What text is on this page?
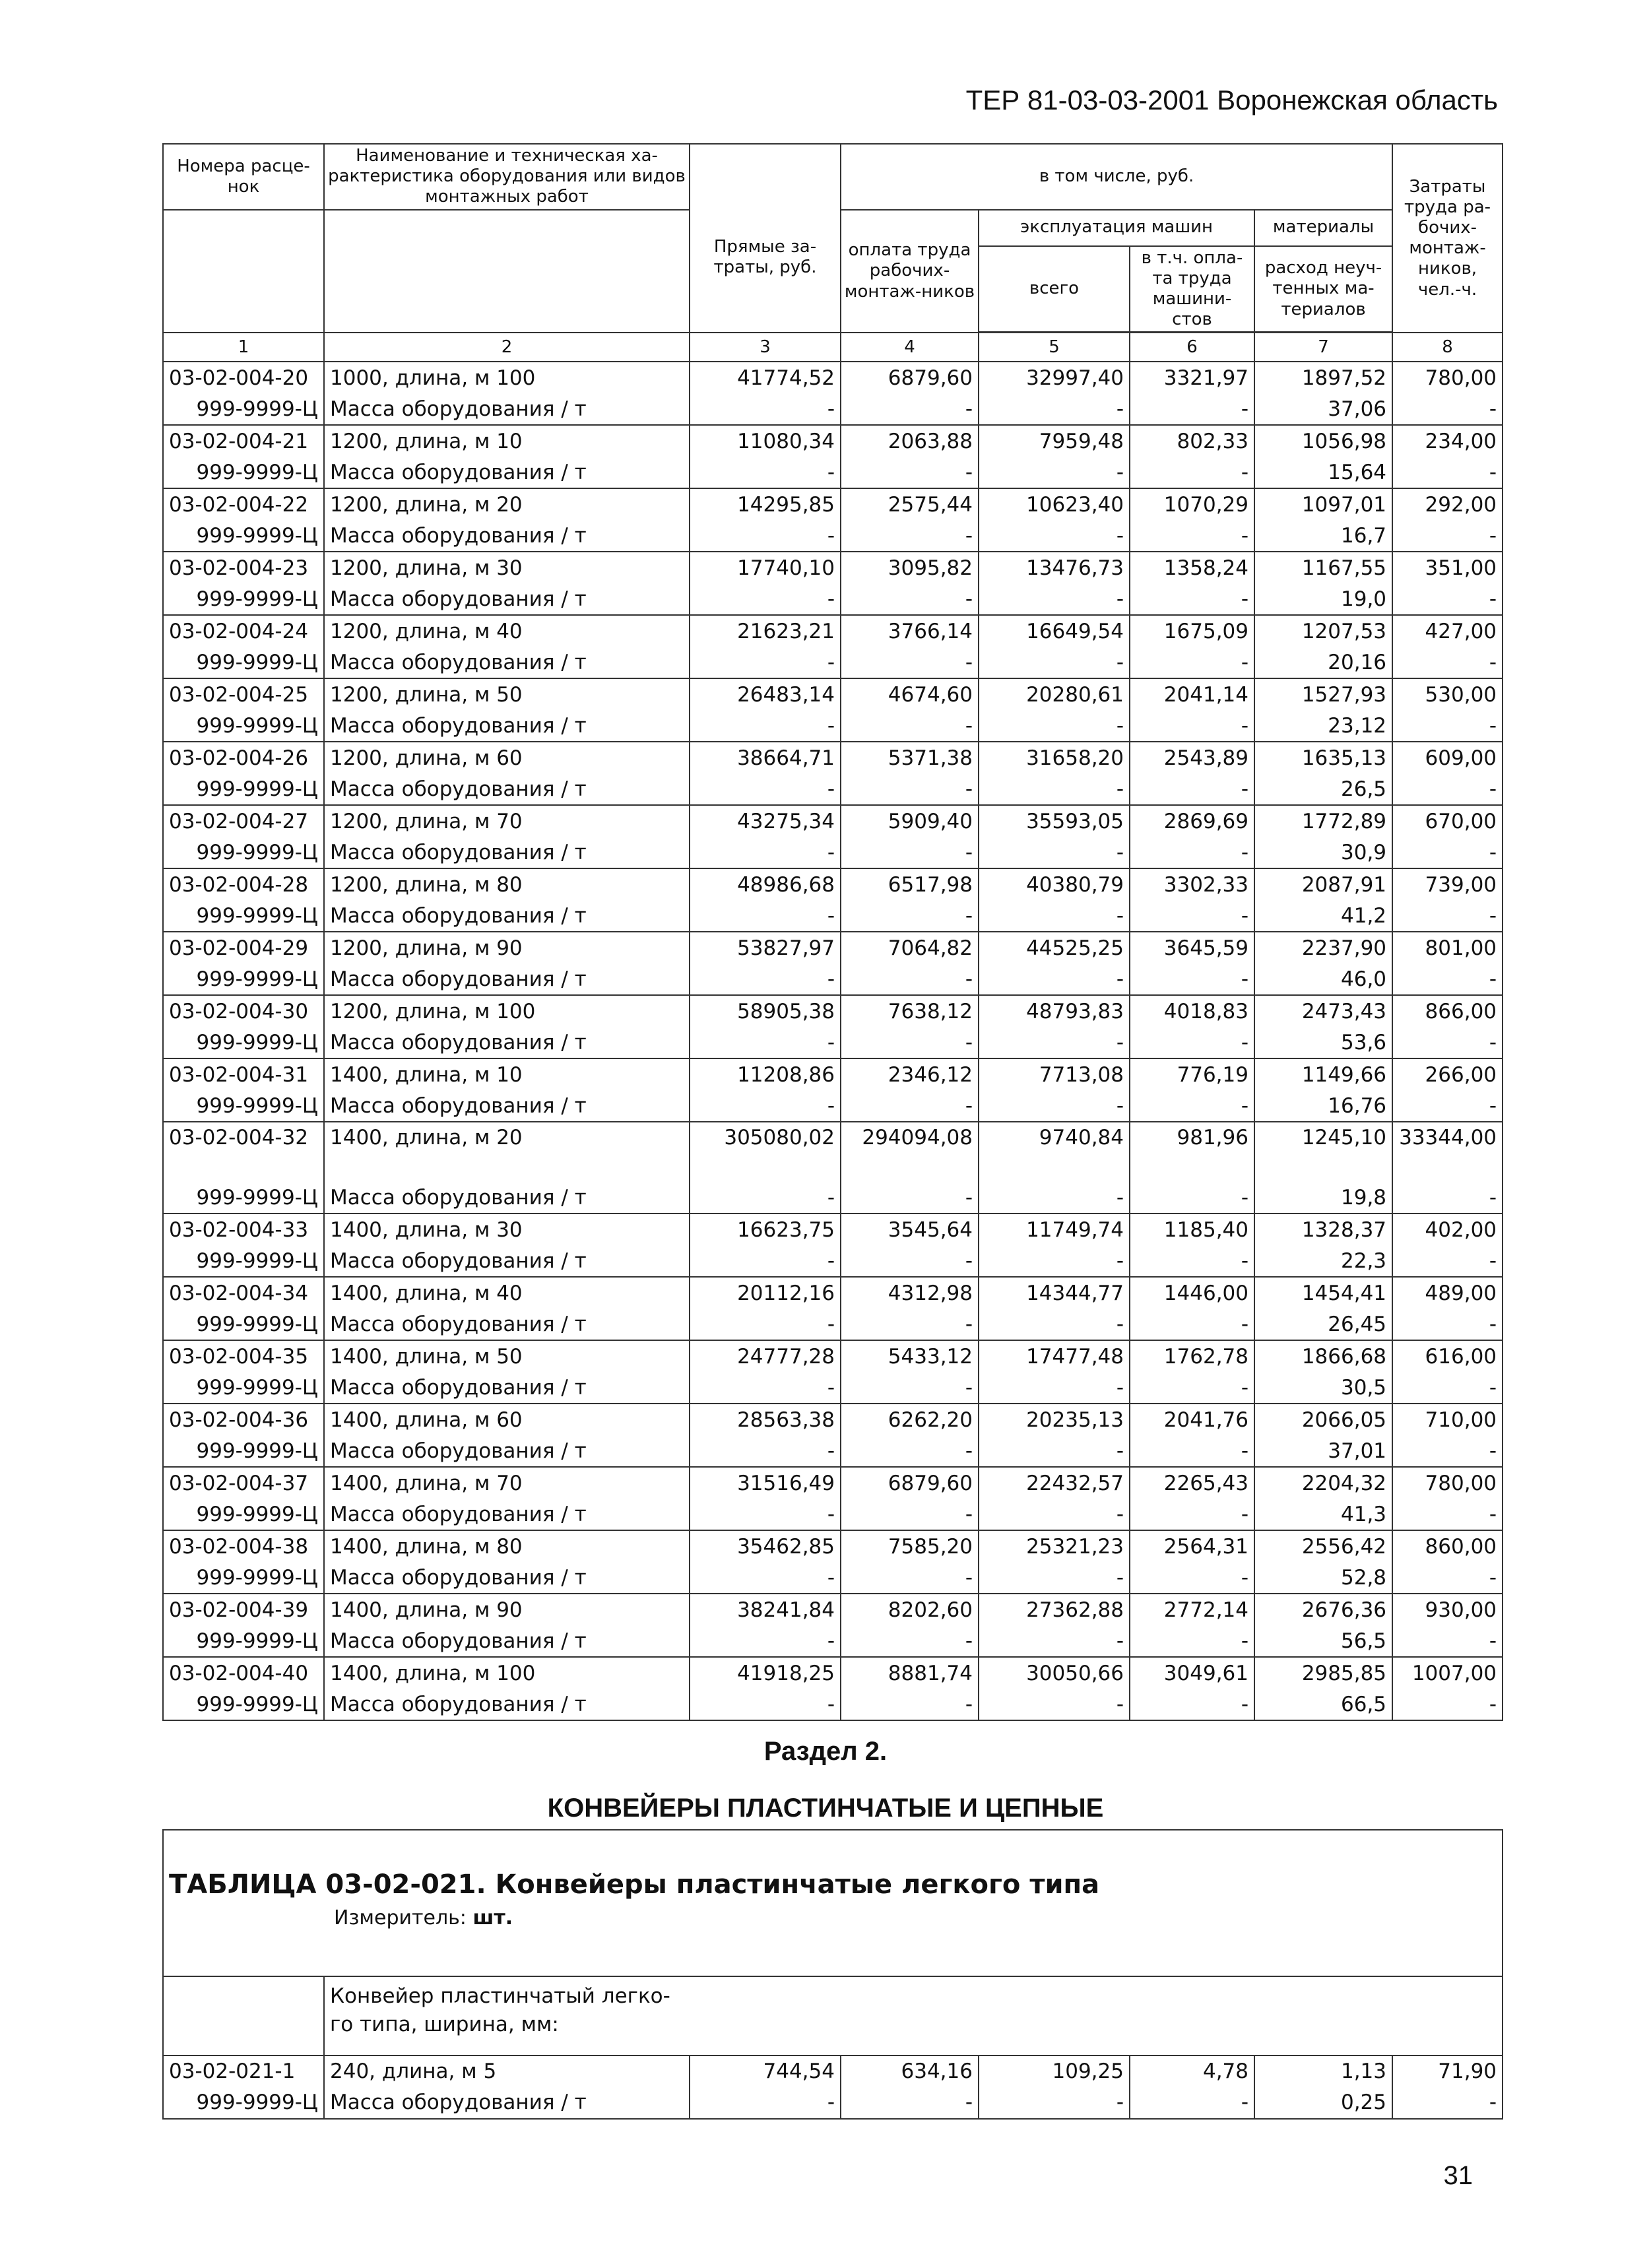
ТЕР 81-03-03-2001 Воронежская область
Номера расце-нок	Наименование и техническая ха-рактеристика оборудования или видов монтажных работ	Прямые за-траты, руб.	в том числе, руб.				Затраты труда ра-бочих-монтаж-ников, чел.-ч.
			оплата труда рабочих-монтаж-ников	эксплуатация машин		материалы	
				всего	в т.ч. опла-та труда машини-стов	расход неуч-тенных ма-териалов	

1	2	3	4	5	6	7	8
03-02-004-20	1000, длина, м 100	41774,52	6879,60	32997,40	3321,97	1897,52	780,00
999-9999-Ц	Масса оборудования / т	-	-	-	-	37,06	-
03-02-004-21	1200, длина, м 10	11080,34	2063,88	7959,48	802,33	1056,98	234,00
999-9999-Ц	Масса оборудования / т	-	-	-	-	15,64	-
03-02-004-22	1200, длина, м 20	14295,85	2575,44	10623,40	1070,29	1097,01	292,00
999-9999-Ц	Масса оборудования / т	-	-	-	-	16,7	-
03-02-004-23	1200, длина, м 30	17740,10	3095,82	13476,73	1358,24	1167,55	351,00
999-9999-Ц	Масса оборудования / т	-	-	-	-	19,0	-
03-02-004-24	1200, длина, м 40	21623,21	3766,14	16649,54	1675,09	1207,53	427,00
999-9999-Ц	Масса оборудования / т	-	-	-	-	20,16	-
03-02-004-25	1200, длина, м 50	26483,14	4674,60	20280,61	2041,14	1527,93	530,00
999-9999-Ц	Масса оборудования / т	-	-	-	-	23,12	-
03-02-004-26	1200, длина, м 60	38664,71	5371,38	31658,20	2543,89	1635,13	609,00
999-9999-Ц	Масса оборудования / т	-	-	-	-	26,5	-
03-02-004-27	1200, длина, м 70	43275,34	5909,40	35593,05	2869,69	1772,89	670,00
999-9999-Ц	Масса оборудования / т	-	-	-	-	30,9	-
03-02-004-28	1200, длина, м 80	48986,68	6517,98	40380,79	3302,33	2087,91	739,00
999-9999-Ц	Масса оборудования / т	-	-	-	-	41,2	-
03-02-004-29	1200, длина, м 90	53827,97	7064,82	44525,25	3645,59	2237,90	801,00
999-9999-Ц	Масса оборудования / т	-	-	-	-	46,0	-
03-02-004-30	1200, длина, м 100	58905,38	7638,12	48793,83	4018,83	2473,43	866,00
999-9999-Ц	Масса оборудования / т	-	-	-	-	53,6	-
03-02-004-31	1400, длина, м 10	11208,86	2346,12	7713,08	776,19	1149,66	266,00
999-9999-Ц	Масса оборудования / т	-	-	-	-	16,76	-
03-02-004-32	1400, длина, м 20	305080,02	294094,08	9740,84	981,96	1245,10	33344,00
999-9999-Ц	Масса оборудования / т	-	-	-	-	19,8	-
03-02-004-33	1400, длина, м 30	16623,75	3545,64	11749,74	1185,40	1328,37	402,00
999-9999-Ц	Масса оборудования / т	-	-	-	-	22,3	-
03-02-004-34	1400, длина, м 40	20112,16	4312,98	14344,77	1446,00	1454,41	489,00
999-9999-Ц	Масса оборудования / т	-	-	-	-	26,45	-
03-02-004-35	1400, длина, м 50	24777,28	5433,12	17477,48	1762,78	1866,68	616,00
999-9999-Ц	Масса оборудования / т	-	-	-	-	30,5	-
03-02-004-36	1400, длина, м 60	28563,38	6262,20	20235,13	2041,76	2066,05	710,00
999-9999-Ц	Масса оборудования / т	-	-	-	-	37,01	-
03-02-004-37	1400, длина, м 70	31516,49	6879,60	22432,57	2265,43	2204,32	780,00
999-9999-Ц	Масса оборудования / т	-	-	-	-	41,3	-
03-02-004-38	1400, длина, м 80	35462,85	7585,20	25321,23	2564,31	2556,42	860,00
999-9999-Ц	Масса оборудования / т	-	-	-	-	52,8	-
03-02-004-39	1400, длина, м 90	38241,84	8202,60	27362,88	2772,14	2676,36	930,00
999-9999-Ц	Масса оборудования / т	-	-	-	-	56,5	-
03-02-004-40	1400, длина, м 100	41918,25	8881,74	30050,66	3049,61	2985,85	1007,00
999-9999-Ц	Масса оборудования / т	-	-	-	-	66,5	-
Раздел 2.
КОНВЕЙЕРЫ ПЛАСТИНЧАТЫЕ И ЦЕПНЫЕ
ТАБЛИЦА 03-02-021. Конвейеры пластинчатые легкого типа
Измеритель: шт.							

	Конвейер пластинчатый легко-го типа, ширина, мм:						

03-02-021-1	240, длина, м 5	744,54	634,16	109,25	4,78	1,13	71,90
999-9999-Ц	Масса оборудования / т	-	-	-	-	0,25	-
31
